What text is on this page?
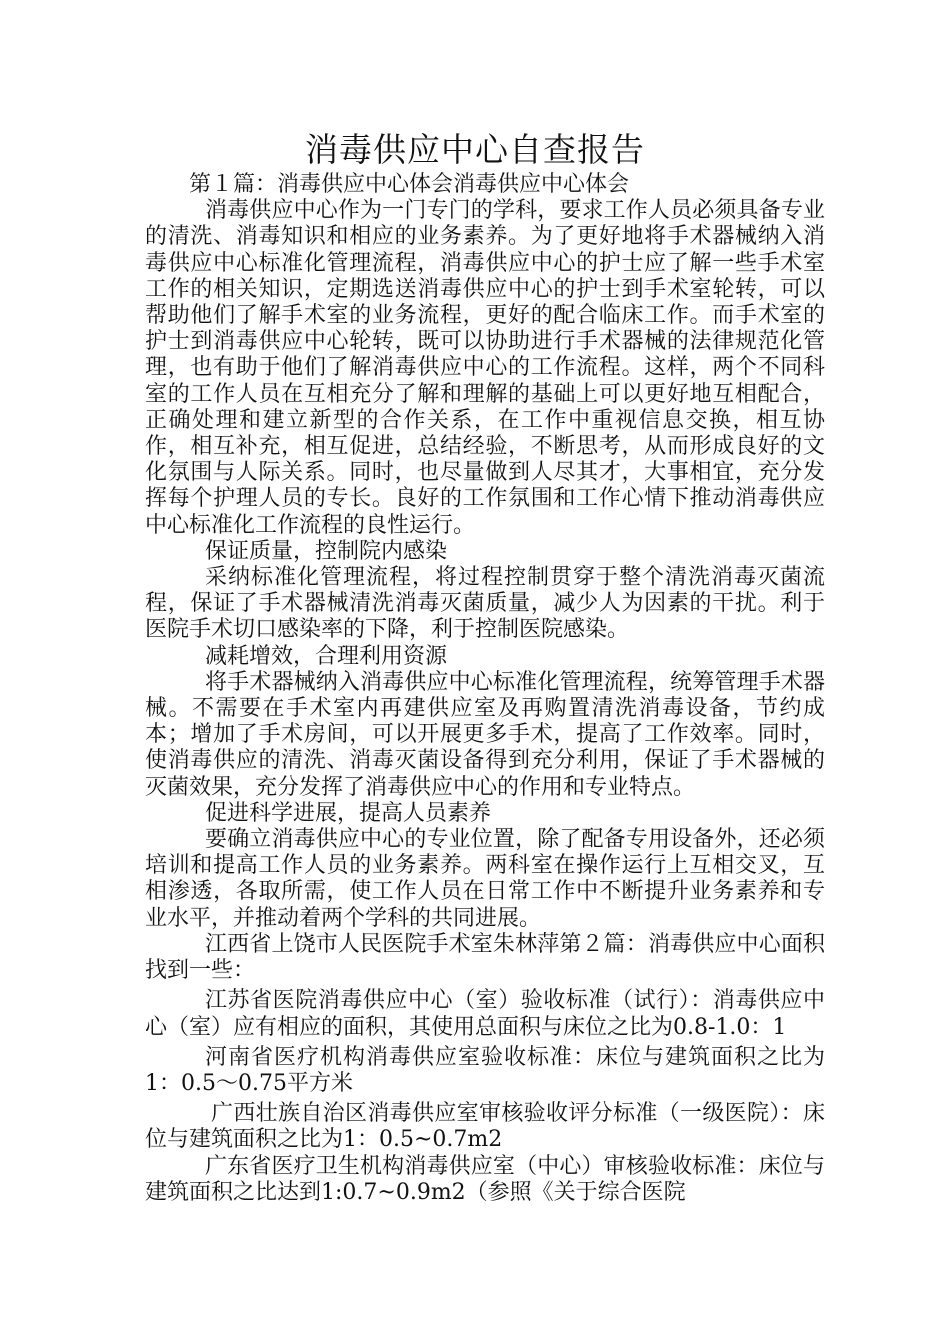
消毒供应中心自查报告

第１篇：消毒供应中心体会消毒供应中心体会

消毒供应中心作为一门专门的学科，要求工作人员必须具备专业的清洗、消毒知识和相应的业务素养。为了更好地将手术器械纳入消毒供应中心标准化管理流程，消毒供应中心的护士应了解一些手术室工作的相关知识，定期选送消毒供应中心的护士到手术室轮转，可以帮助他们了解手术室的业务流程，更好的配合临床工作。而手术室的护士到消毒供应中心轮转，既可以协助进行手术器械的法律规范化管理，也有助于他们了解消毒供应中心的工作流程。这样，两个不同科室的工作人员在互相充分了解和理解的基础上可以更好地互相配合，正确处理和建立新型的合作关系，在工作中重视信息交换，相互协作，相互补充，相互促进，总结经验，不断思考，从而形成良好的文化氛围与人际关系。同时，也尽量做到人尽其才，大事相宜，充分发挥每个护理人员的专长。良好的工作氛围和工作心情下推动消毒供应中心标准化工作流程的良性运行。

保证质量，控制院内感染

采纳标准化管理流程，将过程控制贯穿于整个清洗消毒灭菌流程，保证了手术器械清洗消毒灭菌质量，减少人为因素的干扰。利于医院手术切口感染率的下降，利于控制医院感染。

减耗增效，合理利用资源

将手术器械纳入消毒供应中心标准化管理流程，统筹管理手术器械。不需要在手术室内再建供应室及再购置清洗消毒设备，节约成本；增加了手术房间，可以开展更多手术，提高了工作效率。同时，使消毒供应的清洗、消毒灭菌设备得到充分利用，保证了手术器械的灭菌效果，充分发挥了消毒供应中心的作用和专业特点。

促进科学进展，提高人员素养

要确立消毒供应中心的专业位置，除了配备专用设备外，还必须培训和提高工作人员的业务素养。两科室在操作运行上互相交叉，互相渗透，各取所需，使工作人员在日常工作中不断提升业务素养和专业水平，并推动着两个学科的共同进展。

江西省上饶市人民医院手术室朱林萍第２篇：消毒供应中心面积找到一些：

江苏省医院消毒供应中心（室）验收标准（试行）：消毒供应中心（室）应有相应的面积，其使用总面积与床位之比为0.8-1.0：1

河南省医疗机构消毒供应室验收标准：床位与建筑面积之比为1：0.5～0.75平方米

广西壮族自治区消毒供应室审核验收评分标准（一级医院）：床位与建筑面积之比为1：0.5~0.7m2

广东省医疗卫生机构消毒供应室（中心）审核验收标准：床位与建筑面积之比达到1:0.7~0.9m2（参照《关于综合医院
